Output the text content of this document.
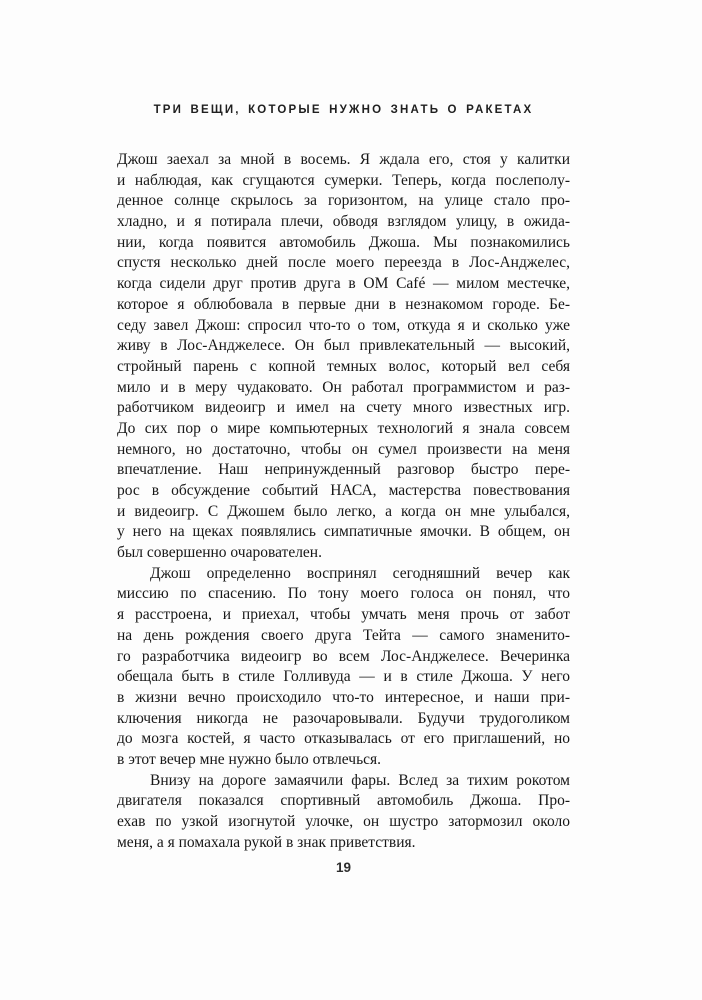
ТРИ ВЕЩИ, КОТОРЫЕ НУЖНО ЗНАТЬ О РАКЕТАХ
Джош заехал за мной в восемь. Я ждала его, стоя у калитки
и наблюдая, как сгущаются сумерки. Теперь, когда послеполу-
денное солнце скрылось за горизонтом, на улице стало про-
хладно, и я потирала плечи, обводя взглядом улицу, в ожида-
нии, когда появится автомобиль Джоша. Мы познакомились
спустя несколько дней после моего переезда в Лос-Анджелес,
когда сидели друг против друга в OM Café — милом местечке,
которое я облюбовала в первые дни в незнакомом городе. Бе-
седу завел Джош: спросил что-то о том, откуда я и сколько уже
живу в Лос-Анджелесе. Он был привлекательный — высокий,
стройный парень с копной темных волос, который вел себя
мило и в меру чудаковато. Он работал программистом и раз-
работчиком видеоигр и имел на счету много известных игр.
До сих пор о мире компьютерных технологий я знала совсем
немного, но достаточно, чтобы он сумел произвести на меня
впечатление. Наш непринужденный разговор быстро пере-
рос в обсуждение событий НАСА, мастерства повествования
и видеоигр. С Джошем было легко, а когда он мне улыбался,
у него на щеках появлялись симпатичные ямочки. В общем, он
был совершенно очарователен.
Джош определенно воспринял сегодняшний вечер как
миссию по спасению. По тону моего голоса он понял, что
я расстроена, и приехал, чтобы умчать меня прочь от забот
на день рождения своего друга Тейта — самого знаменито-
го разработчика видеоигр во всем Лос-Анджелесе. Вечеринка
обещала быть в стиле Голливуда — и в стиле Джоша. У него
в жизни вечно происходило что-то интересное, и наши при-
ключения никогда не разочаровывали. Будучи трудоголиком
до мозга костей, я часто отказывалась от его приглашений, но
в этот вечер мне нужно было отвлечься.
Внизу на дороге замаячили фары. Вслед за тихим рокотом
двигателя показался спортивный автомобиль Джоша. Про-
ехав по узкой изогнутой улочке, он шустро затормозил около
меня, а я помахала рукой в знак приветствия.
19
